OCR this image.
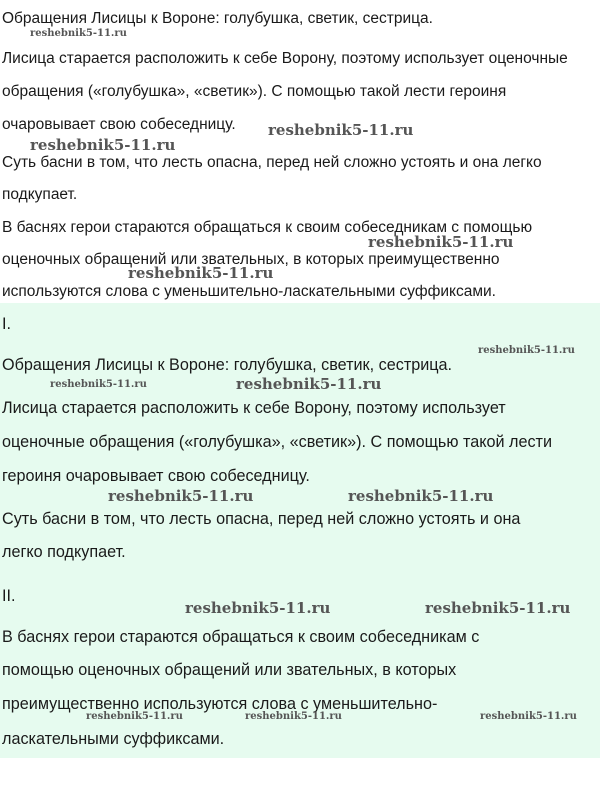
Обращения Лисицы к Вороне: голубушка, светик, сестрица.

Лисица старается расположить к себе Ворону, поэтому использует оценочные

обращения («голубушка», «светик»). С помощью такой лести героиня

очаровывает свою собеседницу.

Суть басни в том, что лесть опасна, перед ней сложно устоять и она легко

подкупает.

В баснях герои стараются обращаться к своим собеседникам с помощью

оценочных обращений или звательных, в которых преимущественно

используются слова с уменьшительно-ласкательными суффиксами.

reshebnik5-11.ru
reshebnik5-11.ru
reshebnik5-11.ru
reshebnik5-11.ru
reshebnik5-11.ru

I.

Обращения Лисицы к Вороне: голубушка, светик, сестрица.

Лисица старается расположить к себе Ворону, поэтому использует

оценочные обращения («голубушка», «светик»). С помощью такой лести

героиня очаровывает свою собеседницу.

Суть басни в том, что лесть опасна, перед ней сложно устоять и она

легко подкупает.

II.

В баснях герои стараются обращаться к своим собеседникам с

помощью оценочных обращений или звательных, в которых

преимущественно используются слова с уменьшительно-

ласкательными суффиксами.

reshebnik5-11.ru
reshebnik5-11.ru	reshebnik5-11.ru
reshebnik5-11.ru	reshebnik5-11.ru
reshebnik5-11.ru	reshebnik5-11.ru
reshebnik5-11.ru	reshebnik5-11.ru	reshebnik5-11.ru
